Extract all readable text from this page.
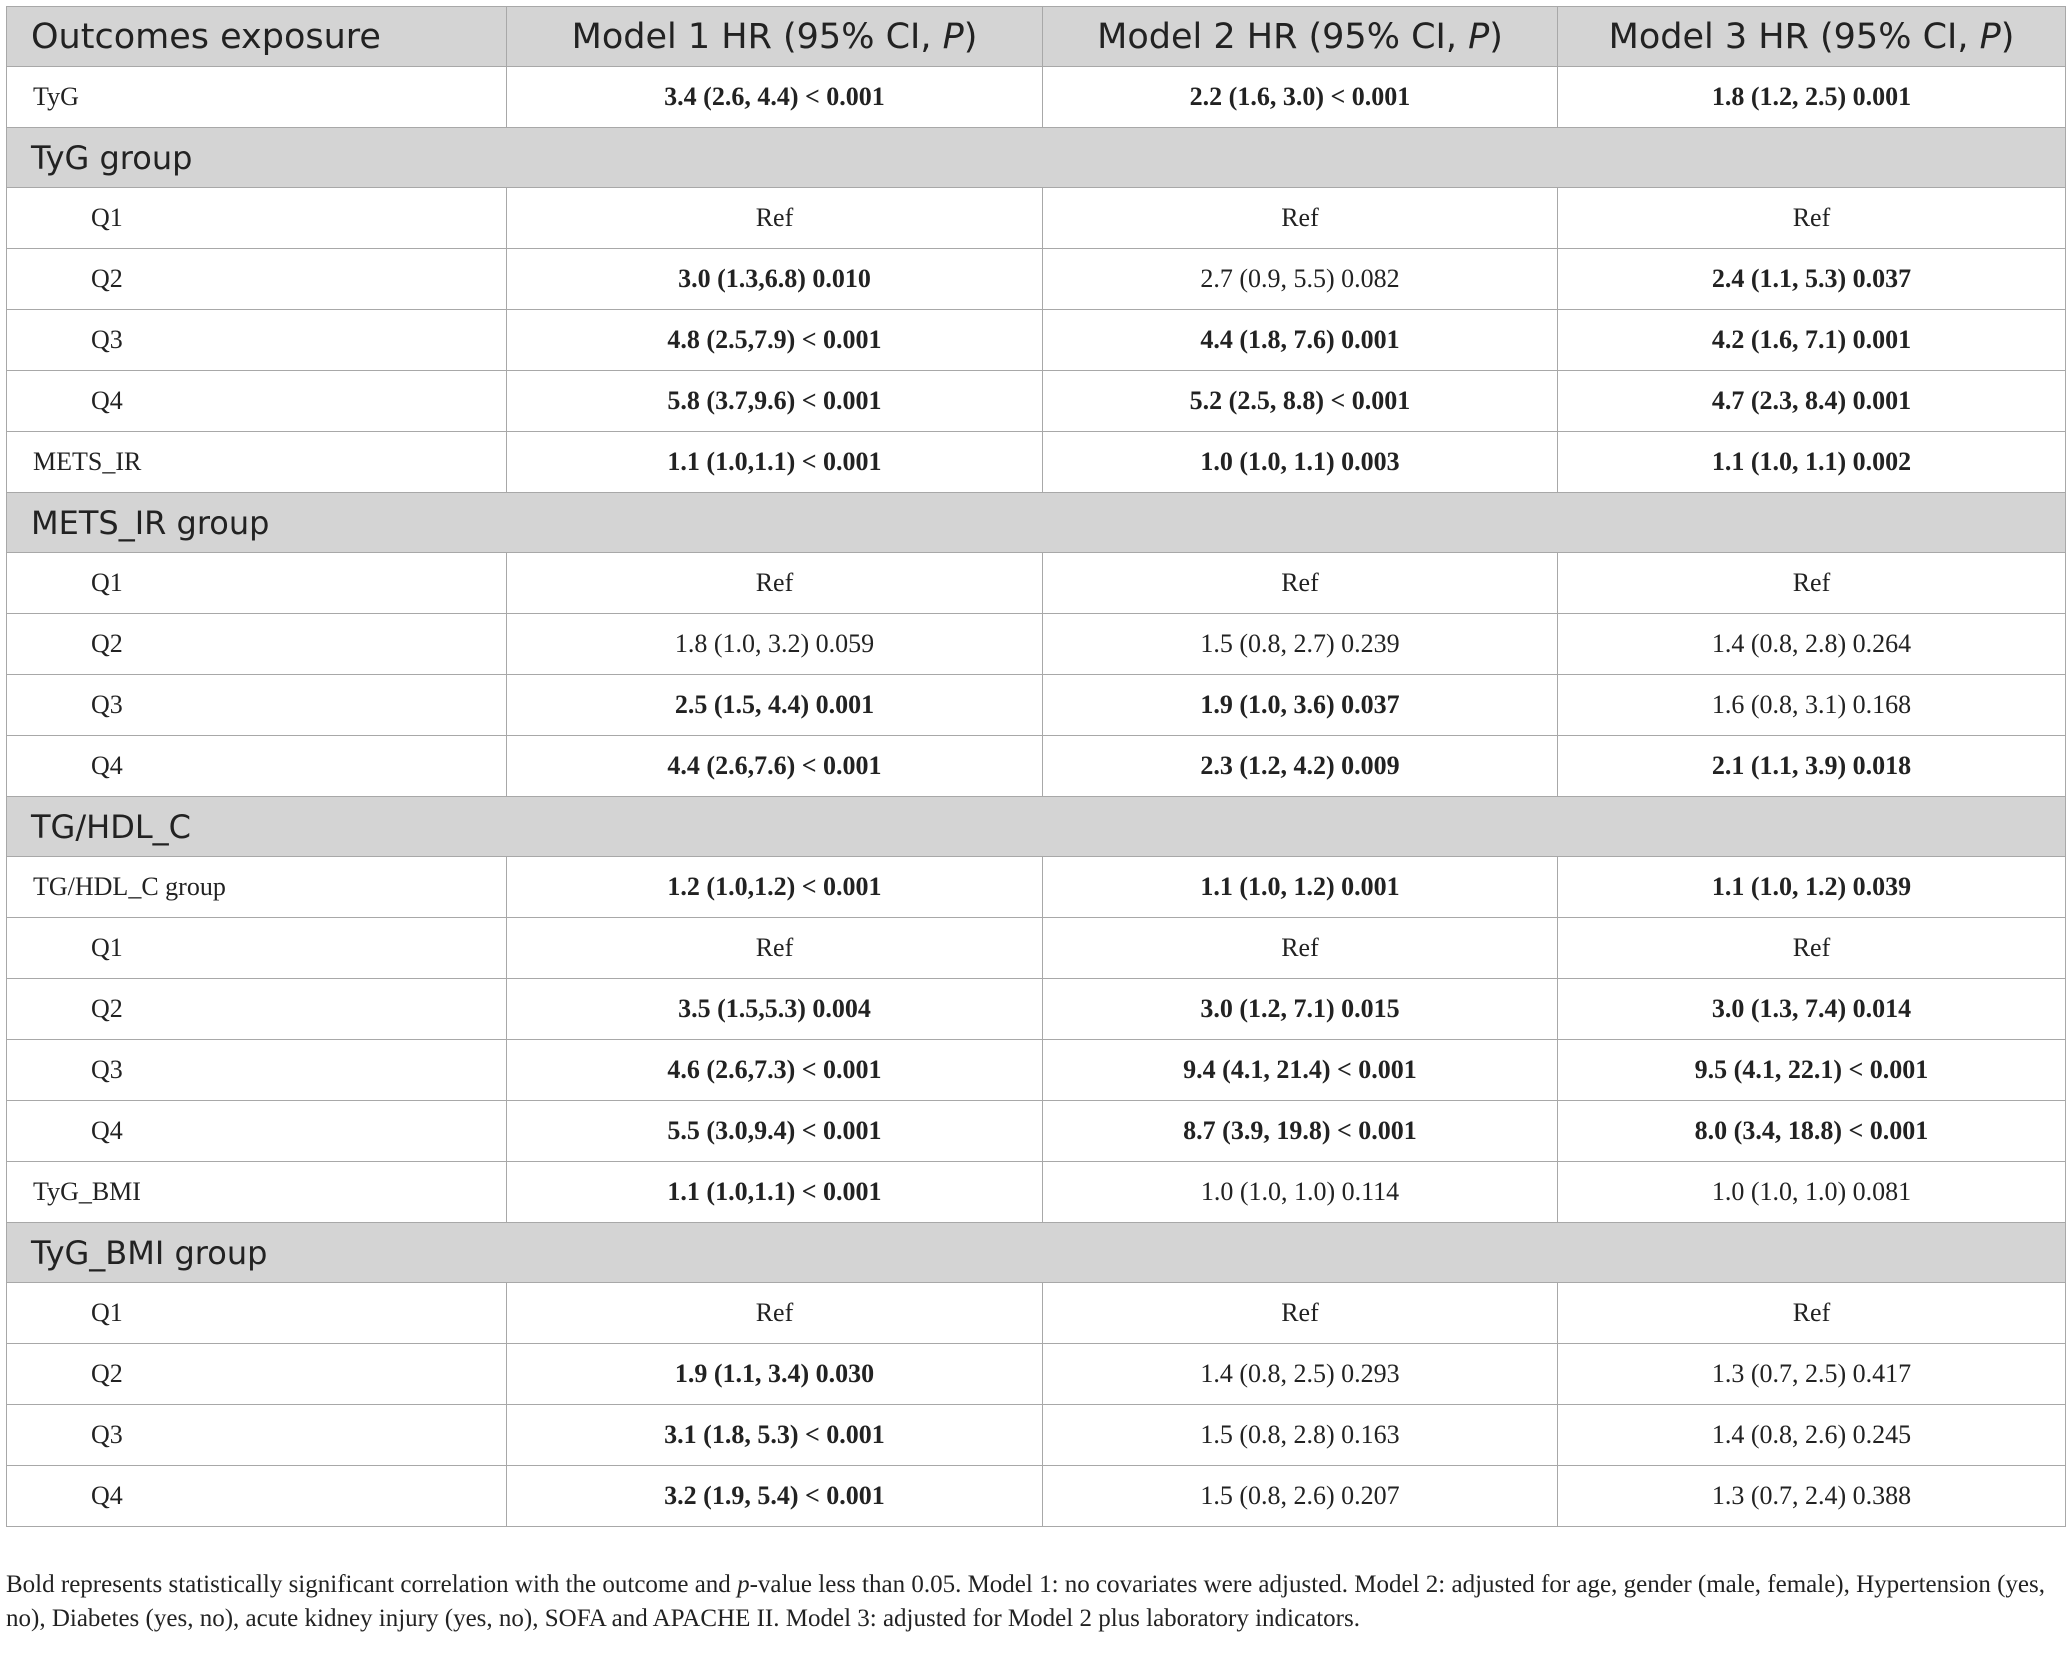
Outcomes exposure	Model 1 HR (95% CI, P)	Model 2 HR (95% CI, P)	Model 3 HR (95% CI, P)
TyG	3.4 (2.6, 4.4) < 0.001	2.2 (1.6, 3.0) < 0.001	1.8 (1.2, 2.5) 0.001
TyG group			
Q1	Ref	Ref	Ref
Q2	3.0 (1.3,6.8) 0.010	2.7 (0.9, 5.5) 0.082	2.4 (1.1, 5.3) 0.037
Q3	4.8 (2.5,7.9) < 0.001	4.4 (1.8, 7.6) 0.001	4.2 (1.6, 7.1) 0.001
Q4	5.8 (3.7,9.6) < 0.001	5.2 (2.5, 8.8) < 0.001	4.7 (2.3, 8.4) 0.001
METS_IR	1.1 (1.0,1.1) < 0.001	1.0 (1.0, 1.1) 0.003	1.1 (1.0, 1.1) 0.002
METS_IR group			
Q1	Ref	Ref	Ref
Q2	1.8 (1.0, 3.2) 0.059	1.5 (0.8, 2.7) 0.239	1.4 (0.8, 2.8) 0.264
Q3	2.5 (1.5, 4.4) 0.001	1.9 (1.0, 3.6) 0.037	1.6 (0.8, 3.1) 0.168
Q4	4.4 (2.6,7.6) < 0.001	2.3 (1.2, 4.2) 0.009	2.1 (1.1, 3.9) 0.018
TG/HDL_C			
TG/HDL_C group	1.2 (1.0,1.2) < 0.001	1.1 (1.0, 1.2) 0.001	1.1 (1.0, 1.2) 0.039
Q1	Ref	Ref	Ref
Q2	3.5 (1.5,5.3) 0.004	3.0 (1.2, 7.1) 0.015	3.0 (1.3, 7.4) 0.014
Q3	4.6 (2.6,7.3) < 0.001	9.4 (4.1, 21.4) < 0.001	9.5 (4.1, 22.1) < 0.001
Q4	5.5 (3.0,9.4) < 0.001	8.7 (3.9, 19.8) < 0.001	8.0 (3.4, 18.8) < 0.001
TyG_BMI	1.1 (1.0,1.1) < 0.001	1.0 (1.0, 1.0) 0.114	1.0 (1.0, 1.0) 0.081
TyG_BMI group			
Q1	Ref	Ref	Ref
Q2	1.9 (1.1, 3.4) 0.030	1.4 (0.8, 2.5) 0.293	1.3 (0.7, 2.5) 0.417
Q3	3.1 (1.8, 5.3) < 0.001	1.5 (0.8, 2.8) 0.163	1.4 (0.8, 2.6) 0.245
Q4	3.2 (1.9, 5.4) < 0.001	1.5 (0.8, 2.6) 0.207	1.3 (0.7, 2.4) 0.388
Bold represents statistically significant correlation with the outcome and p-value less than 0.05. Model 1: no covariates were adjusted. Model 2: adjusted for age, gender (male, female), Hypertension (yes, no), Diabetes (yes, no), acute kidney injury (yes, no), SOFA and APACHE II. Model 3: adjusted for Model 2 plus laboratory indicators.
